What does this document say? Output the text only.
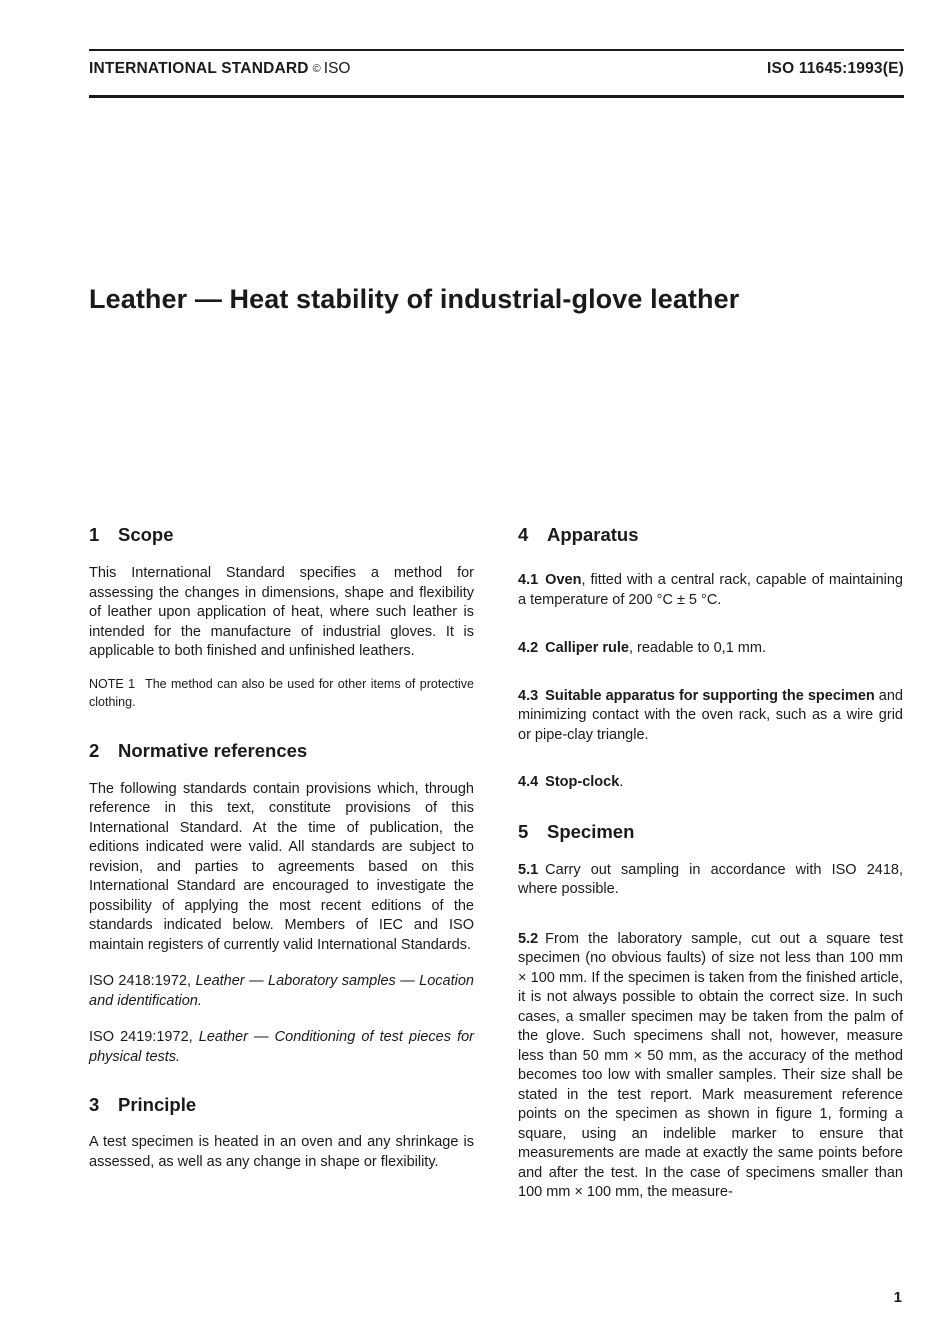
INTERNATIONAL STANDARD © ISO	ISO 11645:1993(E)
Leather — Heat stability of industrial-glove leather
1 Scope

This International Standard specifies a method for assessing the changes in dimensions, shape and flexibility of leather upon application of heat, where such leather is intended for the manufacture of industrial gloves. It is applicable to both finished and unfinished leathers.

NOTE 1 The method can also be used for other items of protective clothing.

2 Normative references

The following standards contain provisions which, through reference in this text, constitute provisions of this International Standard. At the time of publication, the editions indicated were valid. All standards are subject to revision, and parties to agreements based on this International Standard are encouraged to investigate the possibility of applying the most recent editions of the standards indicated below. Members of IEC and ISO maintain registers of currently valid International Standards.

ISO 2418:1972, Leather — Laboratory samples — Location and identification.

ISO 2419:1972, Leather — Conditioning of test pieces for physical tests.

3 Principle

A test specimen is heated in an oven and any shrinkage is assessed, as well as any change in shape or flexibility.

4 Apparatus

4.1 Oven, fitted with a central rack, capable of maintaining a temperature of 200 °C ± 5 °C.

4.2 Calliper rule, readable to 0,1 mm.

4.3 Suitable apparatus for supporting the specimen and minimizing contact with the oven rack, such as a wire grid or pipe-clay triangle.

4.4 Stop-clock.

5 Specimen

5.1 Carry out sampling in accordance with ISO 2418, where possible.

5.2 From the laboratory sample, cut out a square test specimen (no obvious faults) of size not less than 100 mm × 100 mm. If the specimen is taken from the finished article, it is not always possible to obtain the correct size. In such cases, a smaller specimen may be taken from the palm of the glove. Such specimens shall not, however, measure less than 50 mm × 50 mm, as the accuracy of the method becomes too low with smaller samples. Their size shall be stated in the test report. Mark measurement reference points on the specimen as shown in figure 1, forming a square, using an indelible marker to ensure that measurements are made at exactly the same points before and after the test. In the case of specimens smaller than 100 mm × 100 mm, the measure-

1
